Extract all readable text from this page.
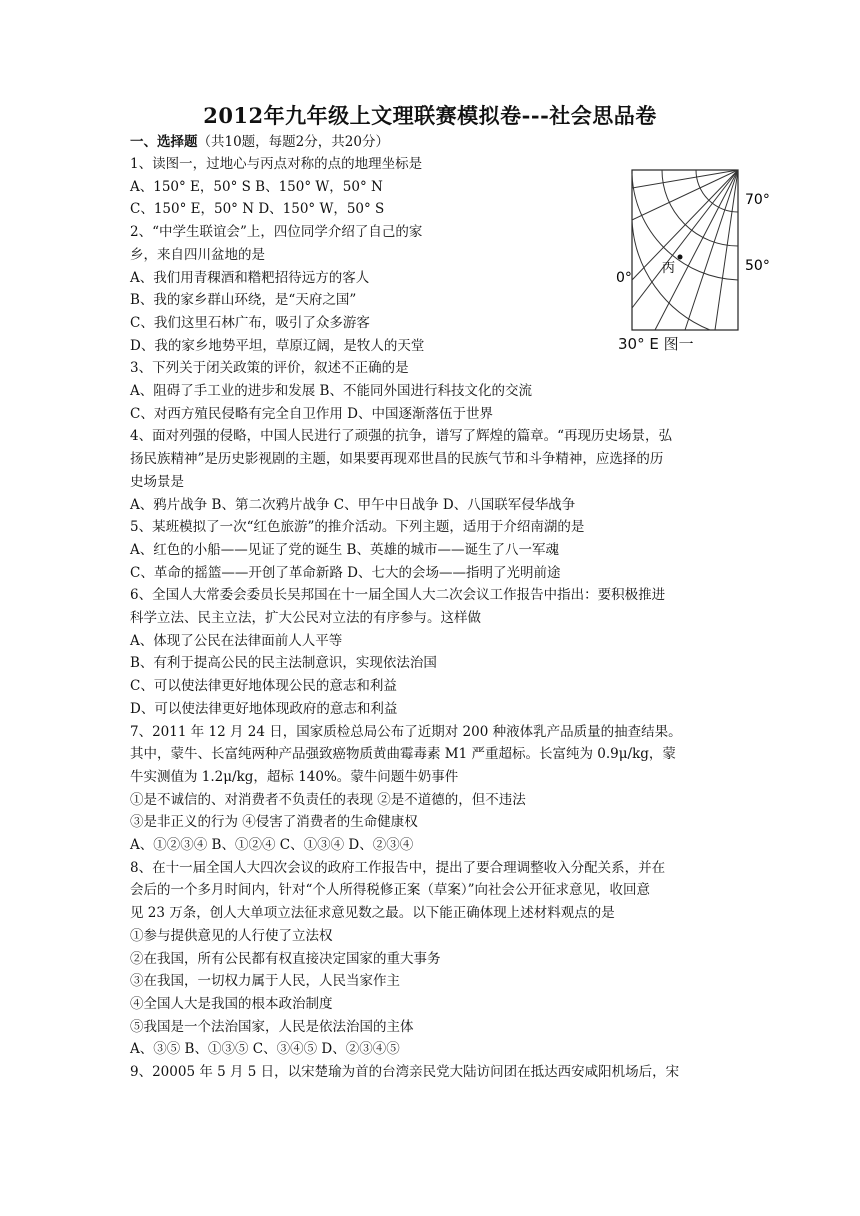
2012年九年级上文理联赛模拟卷---社会思品卷
一、选择题（共10题，每题2分，共20分）
1、读图一，过地心与丙点对称的点的地理坐标是
A、150° E，50° S B、150° W，50° N
C、150° E，50° N D、150° W，50° S
2、“中学生联谊会”上，四位同学介绍了自己的家
乡，来自四川盆地的是
A、我们用青稞酒和糌粑招待远方的客人
B、我的家乡群山环绕，是“天府之国”
C、我们这里石林广布，吸引了众多游客
D、我的家乡地势平坦，草原辽阔，是牧人的天堂
3、下列关于闭关政策的评价，叙述不正确的是
A、阻碍了手工业的进步和发展 B、不能同外国进行科技文化的交流
C、对西方殖民侵略有完全自卫作用 D、中国逐渐落伍于世界
4、面对列强的侵略，中国人民进行了顽强的抗争，谱写了辉煌的篇章。“再现历史场景，弘
扬民族精神”是历史影视剧的主题，如果要再现邓世昌的民族气节和斗争精神，应选择的历
史场景是
A、鸦片战争 B、第二次鸦片战争 C、甲午中日战争 D、八国联军侵华战争
5、某班模拟了一次“红色旅游”的推介活动。下列主题，适用于介绍南湖的是
A、红色的小船——见证了党的诞生 B、英雄的城市——诞生了八一军魂
C、革命的摇篮——开创了革命新路 D、七大的会场——指明了光明前途
6、全国人大常委会委员长吴邦国在十一届全国人大二次会议工作报告中指出：要积极推进
科学立法、民主立法，扩大公民对立法的有序参与。这样做
A、体现了公民在法律面前人人平等
B、有利于提高公民的民主法制意识，实现依法治国
C、可以使法律更好地体现公民的意志和利益
D、可以使法律更好地体现政府的意志和利益
7、2011 年 12 月 24 日，国家质检总局公布了近期对 200 种液体乳产品质量的抽查结果。
其中，蒙牛、长富纯两种产品强致癌物质黄曲霉毒素 M1 严重超标。长富纯为 0.9μ/kg，蒙
牛实测值为 1.2μ/kg，超标 140%。蒙牛问题牛奶事件
①是不诚信的、对消费者不负责任的表现 ②是不道德的，但不违法
③是非正义的行为 ④侵害了消费者的生命健康权
A、①②③④ B、①②④ C、①③④ D、②③④
8、在十一届全国人大四次会议的政府工作报告中，提出了要合理调整收入分配关系，并在
会后的一个多月时间内，针对“个人所得税修正案（草案）”向社会公开征求意见，收回意
见 23 万条，创人大单项立法征求意见数之最。以下能正确体现上述材料观点的是
①参与提供意见的人行使了立法权
②在我国，所有公民都有权直接决定国家的重大事务
③在我国，一切权力属于人民，人民当家作主
④全国人大是我国的根本政治制度
⑤我国是一个法治国家，人民是依法治国的主体
A、③⑤ B、①③⑤ C、③④⑤ D、②③④⑤
9、20005 年 5 月 5 日，以宋楚瑜为首的台湾亲民党大陆访问团在抵达西安咸阳机场后，宋
70°
50°
0°
丙
30° E 图一
